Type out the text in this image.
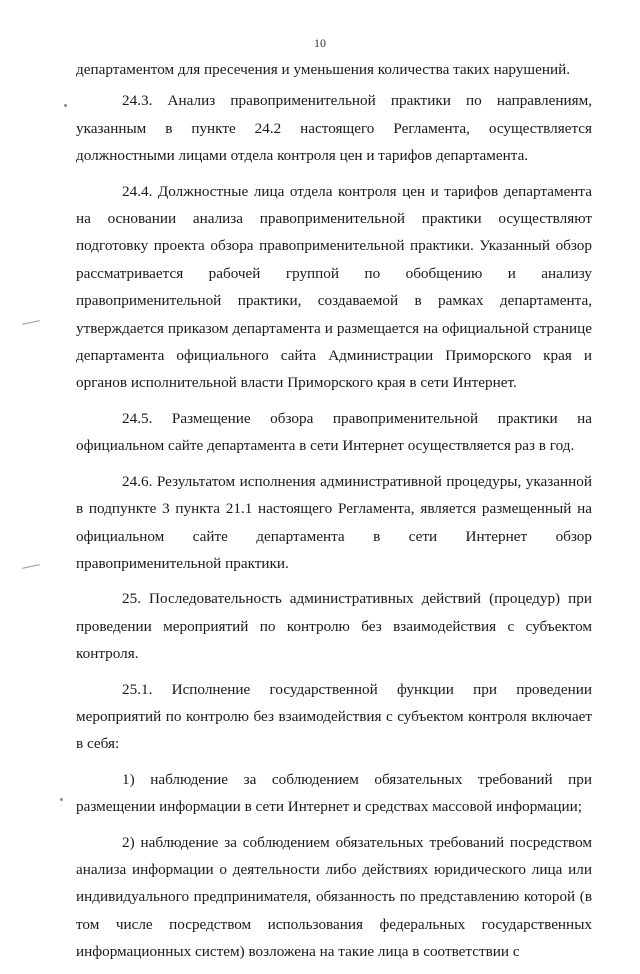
10

департаментом для пресечения и уменьшения количества таких нарушений.

24.3. Анализ правоприменительной практики по направлениям, указанным в пункте 24.2 настоящего Регламента, осуществляется должностными лицами отдела контроля цен и тарифов департамента.

24.4. Должностные лица отдела контроля цен и тарифов департамента на основании анализа правоприменительной практики осуществляют подготовку проекта обзора правоприменительной практики. Указанный обзор рассматривается рабочей группой по обобщению и анализу правоприменительной практики, создаваемой в рамках департамента, утверждается приказом департамента и размещается на официальной странице департамента официального сайта Администрации Приморского края и органов исполнительной власти Приморского края в сети Интернет.

24.5. Размещение обзора правоприменительной практики на официальном сайте департамента в сети Интернет осуществляется раз в год.

24.6. Результатом исполнения административной процедуры, указанной в подпункте 3 пункта 21.1 настоящего Регламента, является размещенный на официальном сайте департамента в сети Интернет обзор правоприменительной практики.

25. Последовательность административных действий (процедур) при проведении мероприятий по контролю без взаимодействия с субъектом контроля.

25.1. Исполнение государственной функции при проведении мероприятий по контролю без взаимодействия с субъектом контроля включает в себя:

1) наблюдение за соблюдением обязательных требований при размещении информации в сети Интернет и средствах массовой информации;

2) наблюдение за соблюдением обязательных требований посредством анализа информации о деятельности либо действиях юридического лица или индивидуального предпринимателя, обязанность по представлению которой (в том числе посредством использования федеральных государственных информационных систем) возложена на такие лица в соответствии с
